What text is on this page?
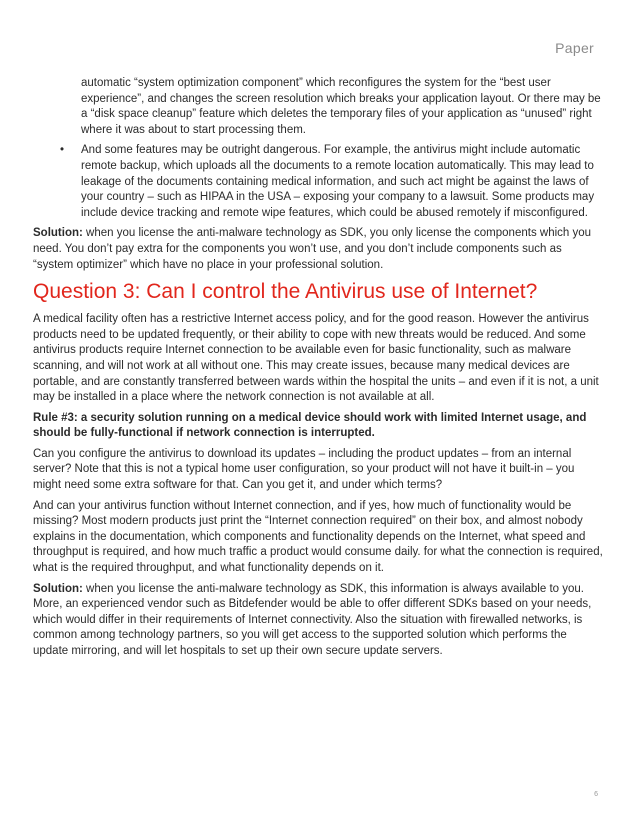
Paper

automatic “system optimization component” which reconfigures the system for the “best user experience”, and changes the screen resolution which breaks your application layout. Or there may be a “disk space cleanup” feature which deletes the temporary files of your application as “unused” right where it was about to start processing them.

• And some features may be outright dangerous. For example, the antivirus might include automatic remote backup, which uploads all the documents to a remote location automatically. This may lead to leakage of the documents containing medical information, and such act might be against the laws of your country – such as HIPAA in the USA – exposing your company to a lawsuit. Some products may include device tracking and remote wipe features, which could be abused remotely if misconfigured.

Solution: when you license the anti-malware technology as SDK, you only license the components which you need. You don’t pay extra for the components you won’t use, and you don’t include components such as “system optimizer” which have no place in your professional solution.

Question 3: Can I control the Antivirus use of Internet?

A medical facility often has a restrictive Internet access policy, and for the good reason. However the antivirus products need to be updated frequently, or their ability to cope with new threats would be reduced. And some antivirus products require Internet connection to be available even for basic functionality, such as malware scanning, and will not work at all without one. This may create issues, because many medical devices are portable, and are constantly transferred between wards within the hospital the units – and even if it is not, a unit may be installed in a place where the network connection is not available at all.

Rule #3: a security solution running on a medical device should work with limited Internet usage, and should be fully-functional if network connection is interrupted.

Can you configure the antivirus to download its updates – including the product updates – from an internal server? Note that this is not a typical home user configuration, so your product will not have it built-in – you might need some extra software for that. Can you get it, and under which terms?

And can your antivirus function without Internet connection, and if yes, how much of functionality would be missing? Most modern products just print the “Internet connection required” on their box, and almost nobody explains in the documentation, which components and functionality depends on the Internet, what speed and throughput is required, and how much traffic a product would consume daily. for what the connection is required, what is the required throughput, and what functionality depends on it.

Solution: when you license the anti-malware technology as SDK, this information is always available to you. More, an experienced vendor such as Bitdefender would be able to offer different SDKs based on your needs, which would differ in their requirements of Internet connectivity. Also the situation with firewalled networks, is common among technology partners, so you will get access to the supported solution which performs the update mirroring, and will let hospitals to set up their own secure update servers.

6
